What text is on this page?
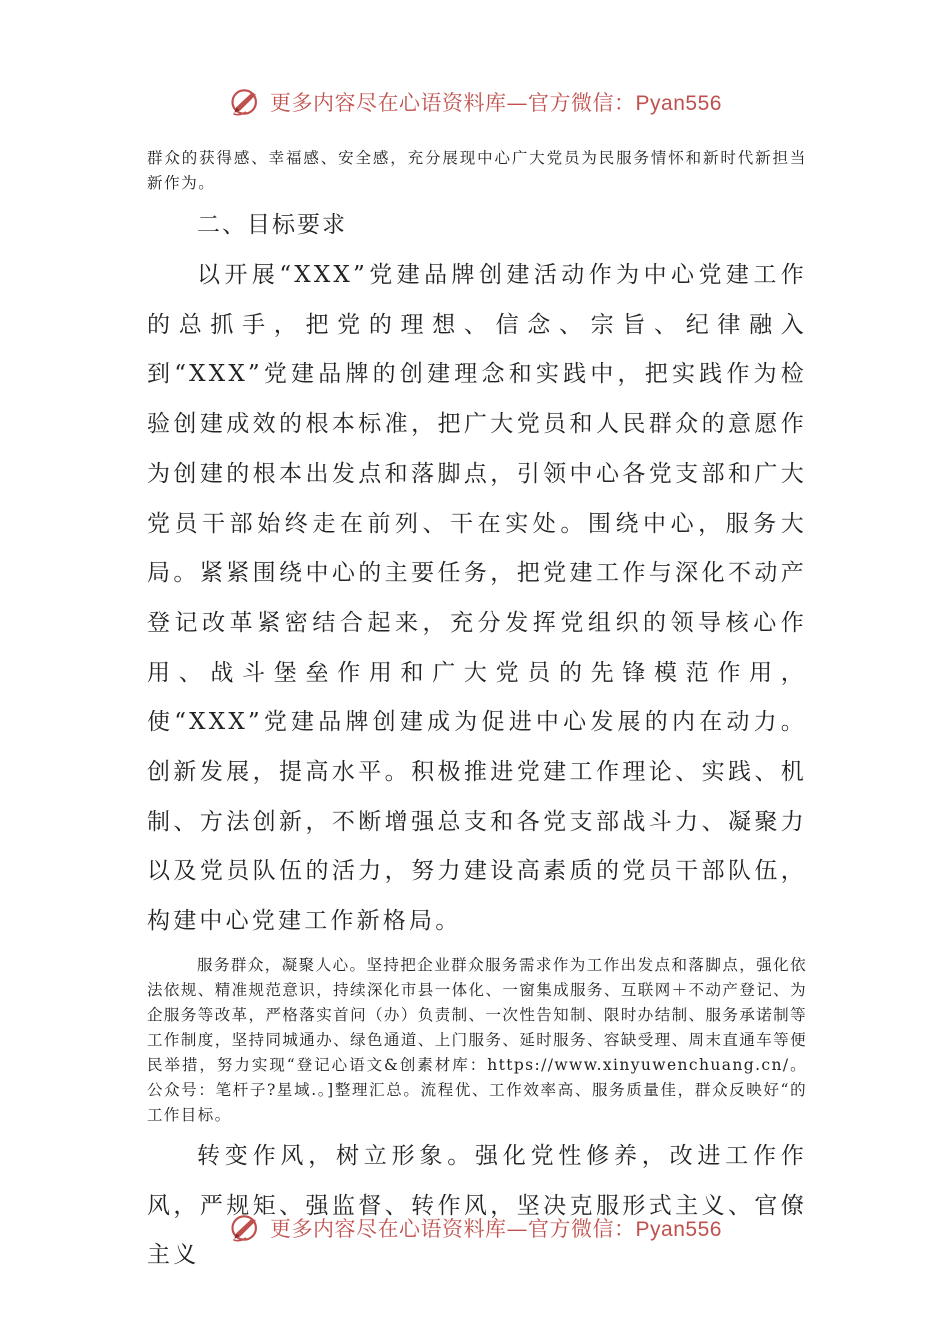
更多内容尽在心语资料库—官方微信：Pyan556

群众的获得感、幸福感、安全感，充分展现中心广大党员为民服务情怀和新时代新担当新作为。

二、目标要求

以开展“XXX”党建品牌创建活动作为中心党建工作的总抓手，把党的理想、信念、宗旨、纪律融入到“XXX”党建品牌的创建理念和实践中，把实践作为检验创建成效的根本标准，把广大党员和人民群众的意愿作为创建的根本出发点和落脚点，引领中心各党支部和广大党员干部始终走在前列、干在实处。围绕中心，服务大局。紧紧围绕中心的主要任务，把党建工作与深化不动产登记改革紧密结合起来，充分发挥党组织的领导核心作用、战斗堡垒作用和广大党员的先锋模范作用，使“XXX”党建品牌创建成为促进中心发展的内在动力。创新发展，提高水平。积极推进党建工作理论、实践、机制、方法创新，不断增强总支和各党支部战斗力、凝聚力以及党员队伍的活力，努力建设高素质的党员干部队伍，构建中心党建工作新格局。

服务群众，凝聚人心。坚持把企业群众服务需求作为工作出发点和落脚点，强化依法依规、精准规范意识，持续深化市县一体化、一窗集成服务、互联网＋不动产登记、为企服务等改革，严格落实首问（办）负责制、一次性告知制、限时办结制、服务承诺制等工作制度，坚持同城通办、绿色通道、上门服务、延时服务、容缺受理、周末直通车等便民举措，努力实现“登记心语文&创素材库：https://www.xinyuwenchuang.cn/。公众号：笔杆子?星域.。]整理汇总。流程优、工作效率高、服务质量佳，群众反映好“的工作目标。

转变作风，树立形象。强化党性修养，改进工作作风，严规矩、强监督、转作风，坚决克服形式主义、官僚主义

更多内容尽在心语资料库—官方微信：Pyan556
